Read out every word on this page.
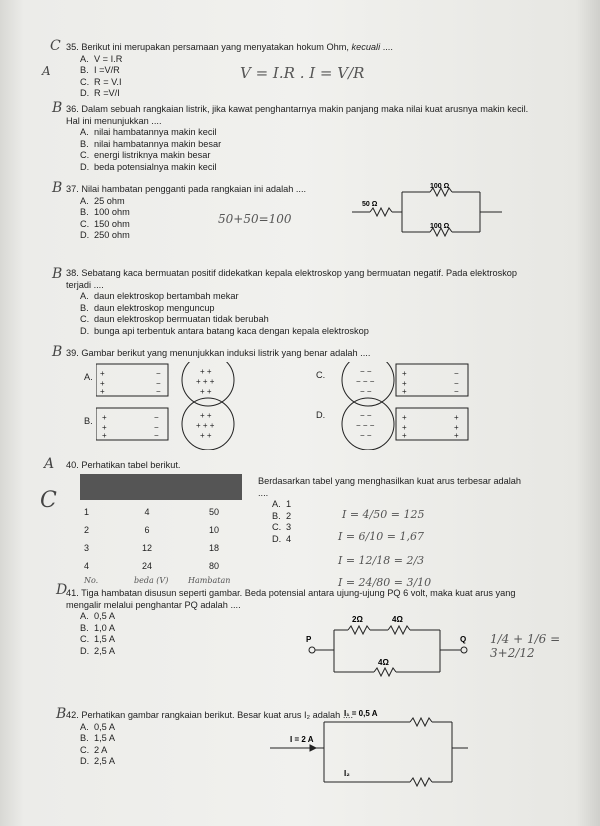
C
A
35. Berikut ini merupakan persamaan yang menyatakan hokum Ohm, kecuali ....
A. V = I.R
B. I =V/R
C. R = V.I
D. R =V/I
V = I.R . I = V/R
B 36. Dalam sebuah rangkaian listrik, jika kawat penghantarnya makin panjang maka nilai kuat arusnya makin kecil. Hal ini menunjukkan ....
A. nilai hambatannya makin kecil
B. nilai hambatannya makin besar
C. energi listriknya makin besar
D. beda potensialnya makin kecil
B 37. Nilai hambatan pengganti pada rangkaian ini adalah ....
A. 25 ohm
B. 100 ohm
C. 150 ohm
D. 250 ohm
50+50=100
100 Ω
50 Ω
100 Ω
B 38. Sebatang kaca bermuatan positif didekatkan kepala elektroskop yang bermuatan negatif. Pada elektroskop terjadi ....
A. daun elektroskop bertambah mekar
B. daun elektroskop menguncup
C. daun elektroskop bermuatan tidak berubah
D. bunga api terbentuk antara batang kaca dengan kepala elektroskop
B 39. Gambar berikut yang menunjukkan induksi listrik yang benar adalah ....
A.
B.
C.
D.
+
+
+
−
−
−
+ +
+ + +
+ +
+
+
+
−
−
−
+ +
+ + +
+ +
− −
− − −
− −
+
+
+
−
−
−
− −
− − −
− −
+
+
+
+
+
+
A 40. Perhatikan tabel berikut.
C	1	4	50
2	6	10
3	12	18
4	24	80
No.	beda (V) Hambatan
Berdasarkan tabel yang menghasilkan kuat arus terbesar adalah ....
A. 1
B. 2
C. 3
D. 4
I = 4/50 = 125
I = 6/10 = 1,67
I = 12/18 = 2/3
I = 24/80 = 3/10
D
41. Tiga hambatan disusun seperti gambar. Beda potensial antara ujung-ujung PQ 6 volt, maka kuat arus yang mengalir melalui penghantar PQ adalah ....
A. 0,5 A
B. 1,0 A
C. 1,5 A
D. 2,5 A
P	Q
2Ω	4Ω
4Ω
1/4 + 1/6 = 3+2/12
B 42. Perhatikan gambar rangkaian berikut. Besar kuat arus I₂ adalah ....
A. 0,5 A
B. 1,5 A
C. 2 A
D. 2,5 A
I₁ = 0,5 A
I = 2 A
I₂
